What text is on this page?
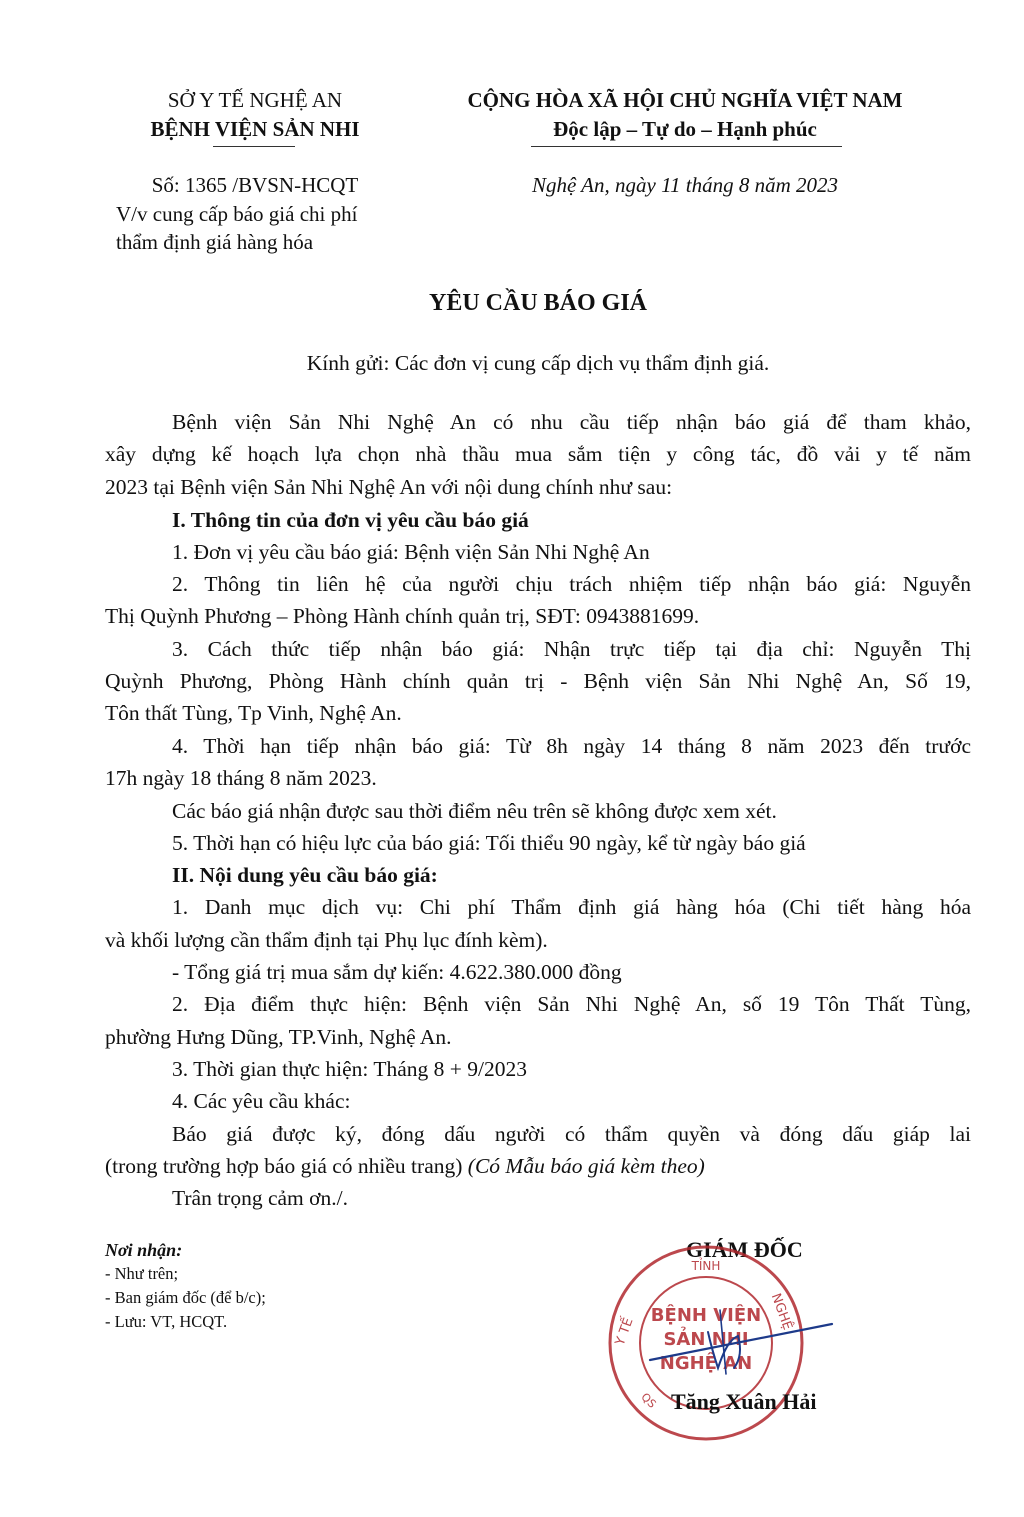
SỞ Y TẾ NGHỆ AN
BỆNH VIỆN SẢN NHI
CỘNG HÒA XÃ HỘI CHỦ NGHĨA VIỆT NAM
Độc lập – Tự do – Hạnh phúc
Số: 1365 /BVSN-HCQT
V/v cung cấp báo giá chi phí
thẩm định giá hàng hóa
Nghệ An, ngày 11 tháng 8 năm 2023
YÊU CẦU BÁO GIÁ
Kính gửi: Các đơn vị cung cấp dịch vụ thẩm định giá.
Bệnh viện Sản Nhi Nghệ An có nhu cầu tiếp nhận báo giá để tham khảo,
xây dựng kế hoạch lựa chọn nhà thầu mua sắm tiện y công tác, đồ vải y tế năm
2023 tại Bệnh viện Sản Nhi Nghệ An với nội dung chính như sau:
I. Thông tin của đơn vị yêu cầu báo giá
1. Đơn vị yêu cầu báo giá: Bệnh viện Sản Nhi Nghệ An
2. Thông tin liên hệ của người chịu trách nhiệm tiếp nhận báo giá: Nguyễn
Thị Quỳnh Phương – Phòng Hành chính quản trị, SĐT: 0943881699.
3. Cách thức tiếp nhận báo giá: Nhận trực tiếp tại địa chỉ: Nguyễn Thị
Quỳnh Phương, Phòng Hành chính quản trị - Bệnh viện Sản Nhi Nghệ An, Số 19,
Tôn thất Tùng, Tp Vinh, Nghệ An.
4. Thời hạn tiếp nhận báo giá: Từ 8h ngày 14 tháng 8 năm 2023 đến trước
17h ngày 18 tháng 8 năm 2023.
Các báo giá nhận được sau thời điểm nêu trên sẽ không được xem xét.
5. Thời hạn có hiệu lực của báo giá: Tối thiểu 90 ngày, kể từ ngày báo giá
II. Nội dung yêu cầu báo giá:
1. Danh mục dịch vụ: Chi phí Thẩm định giá hàng hóa (Chi tiết hàng hóa
và khối lượng cần thẩm định tại Phụ lục đính kèm).
- Tổng giá trị mua sắm dự kiến: 4.622.380.000 đồng
2. Địa điểm thực hiện: Bệnh viện Sản Nhi Nghệ An, số 19 Tôn Thất Tùng,
phường Hưng Dũng, TP.Vinh, Nghệ An.
3. Thời gian thực hiện: Tháng 8 + 9/2023
4. Các yêu cầu khác:
Báo giá được ký, đóng dấu người có thẩm quyền và đóng dấu giáp lai
(trong trường hợp báo giá có nhiều trang) (Có Mẫu báo giá kèm theo)
Trân trọng cảm ơn./.
Nơi nhận:
- Như trên;
- Ban giám đốc (để b/c);
- Lưu: VT, HCQT.
GIÁM ĐỐC
TỈNH
Y TẾ	NGHỆ
QS
BỆNH VIỆN
SẢN NHI
NGHỆ AN
Tăng Xuân Hải
